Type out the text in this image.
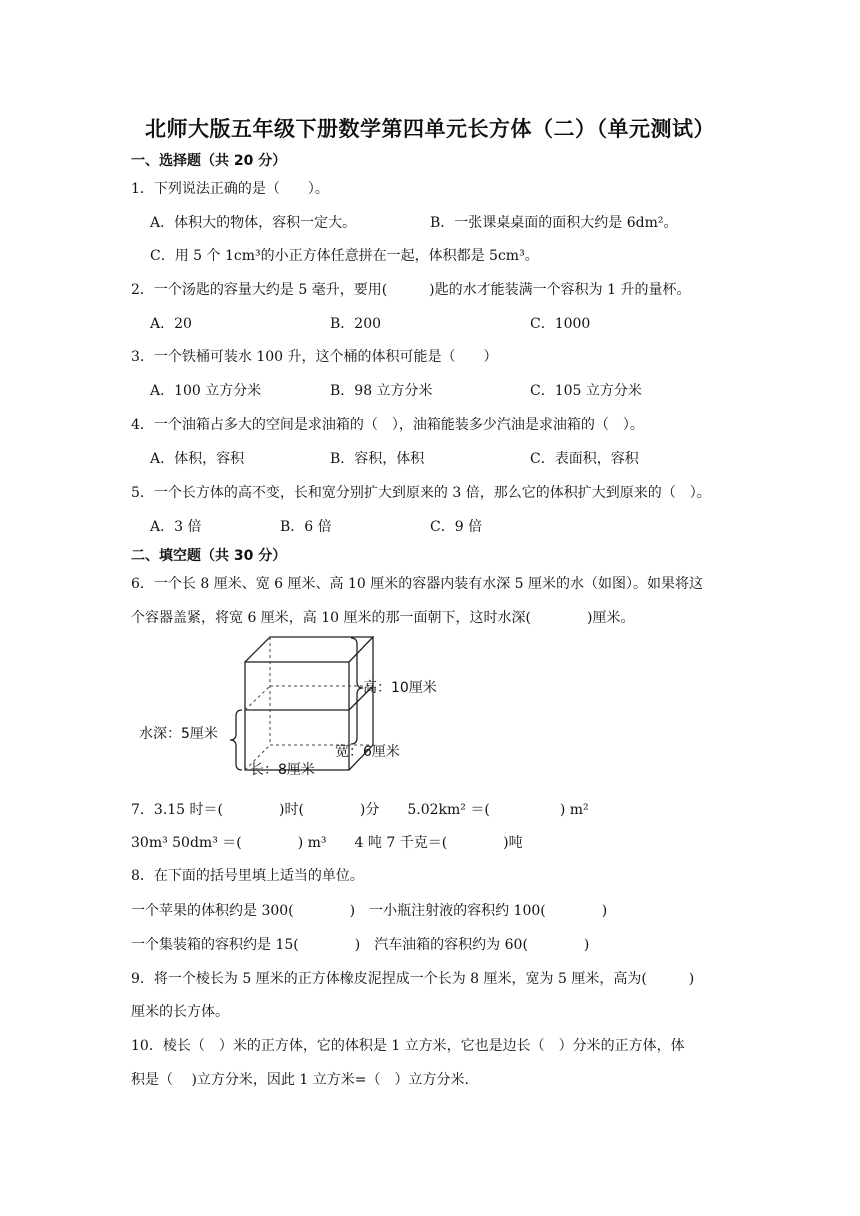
北师大版五年级下册数学第四单元长方体（二）（单元测试）
一、选择题（共 20 分）
1．下列说法正确的是（　　）。
A．体积大的物体，容积一定大。	B．一张课桌桌面的面积大约是 6dm²。
C．用 5 个 1cm³的小正方体任意拼在一起，体积都是 5cm³。
2．一个汤匙的容量大约是 5 毫升，要用(　　　)匙的水才能装满一个容积为 1 升的量杯。
A．20	B．200	C．1000
3．一个铁桶可装水 100 升，这个桶的体积可能是（　　）
A．100 立方分米	B．98 立方分米	C．105 立方分米
4．一个油箱占多大的空间是求油箱的（　），油箱能装多少汽油是求油箱的（　）。
A．体积，容积	B．容积，体积	C．表面积，容积
5．一个长方体的高不变，长和宽分别扩大到原来的 3 倍，那么它的体积扩大到原来的（　）。
A．3 倍	B．6 倍	C．9 倍
二、填空题（共 30 分）
6．一个长 8 厘米、宽 6 厘米、高 10 厘米的容器内装有水深 5 厘米的水（如图）。如果将这
个容器盖紧，将宽 6 厘米，高 10 厘米的那一面朝下，这时水深(　　　　)厘米。
高：10厘米
水深：5厘米
宽：6厘米
长：8厘米
7．3.15 时＝(　　　　)时(　　　　)分　　5.02km² ＝(　　　　　) m²
30m³ 50dm³ ＝(　　　　) m³　　4 吨 7 千克＝(　　　　)吨
8．在下面的括号里填上适当的单位。
一个苹果的体积约是 300(　　　　)　一小瓶注射液的容积约 100(　　　　)
一个集装箱的容积约是 15(　　　　)　汽车油箱的容积约为 60(　　　　)
9．将一个棱长为 5 厘米的正方体橡皮泥捏成一个长为 8 厘米，宽为 5 厘米，高为(　　　)
厘米的长方体。
10．棱长（　）米的正方体，它的体积是 1 立方米，它也是边长（　）分米的正方体，体
积是（　 )立方分米，因此 1 立方米=（　）立方分米.
